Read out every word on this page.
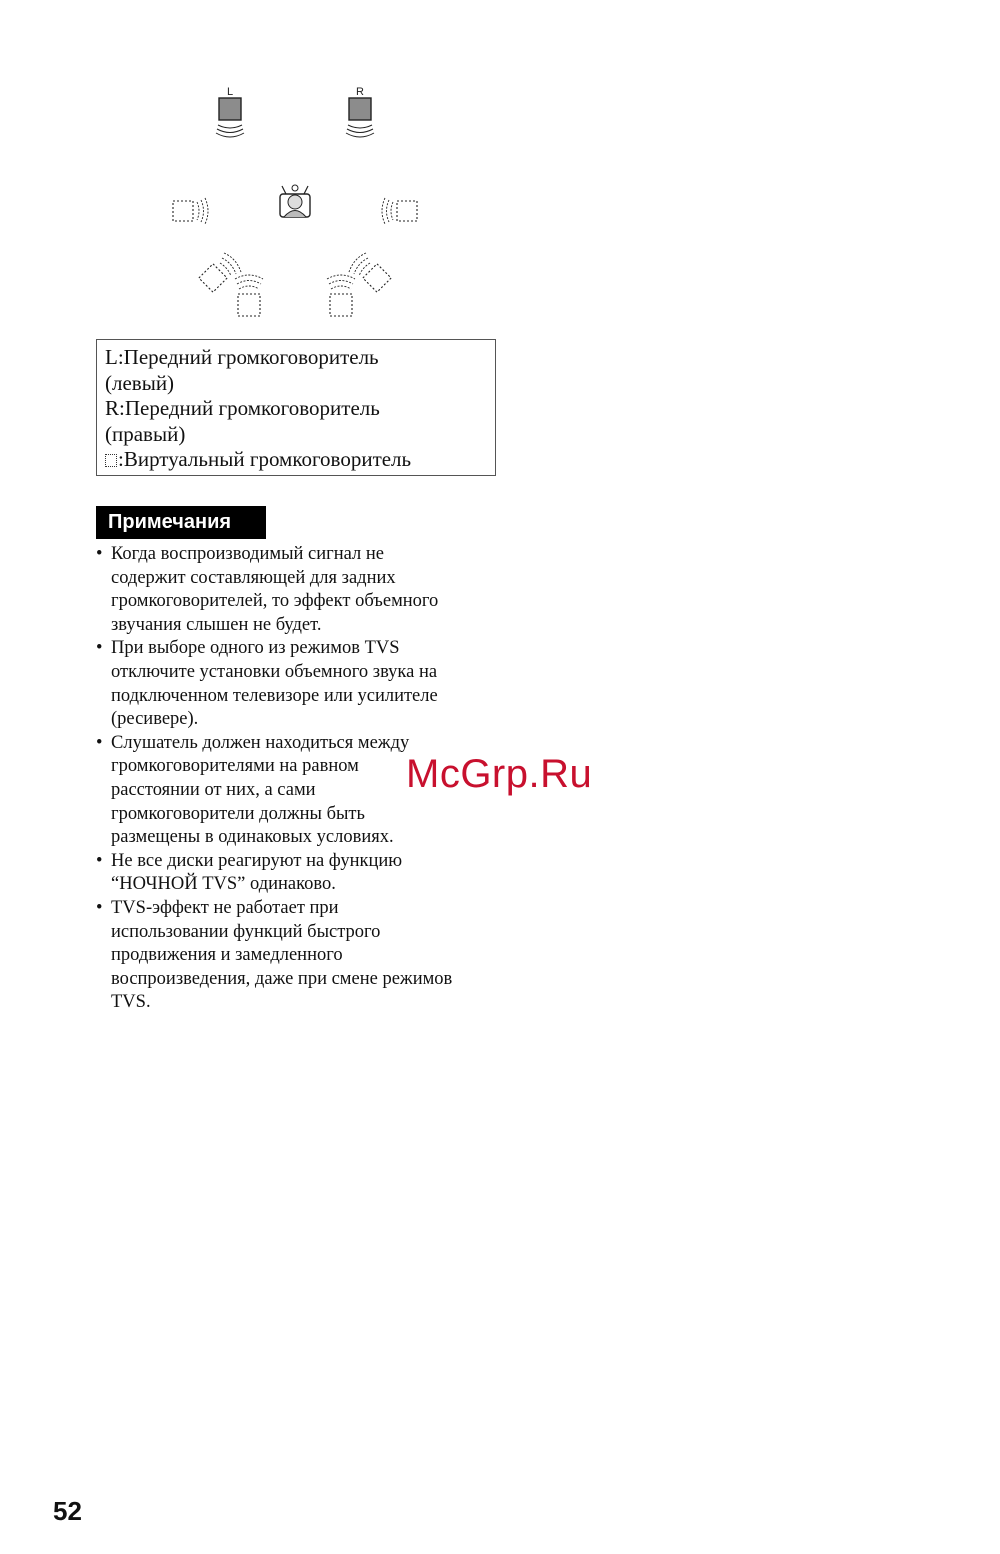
L	R
L:Передний громкоговоритель
(левый)
R:Передний громкоговоритель
(правый)
:Виртуальный громкоговоритель
Примечания
• Когда воспроизводимый сигнал не
содержит составляющей для задних
громкоговорителей, то эффект объемного
звучания слышен не будет.
• При выборе одного из режимов TVS
отключите установки объемного звука на
подключенном телевизоре или усилителе
(ресивере).
• Слушатель должен находиться между
громкоговорителями на равном
расстоянии от них, а сами
громкоговорители должны быть
размещены в одинаковых условиях.
• Не все диски реагируют на функцию
“НОЧНОЙ TVS” одинаково.
• TVS-эффект не работает при
использовании функций быстрого
продвижения и замедленного
воспроизведения, даже при смене режимов
TVS.
McGrp.Ru
52
